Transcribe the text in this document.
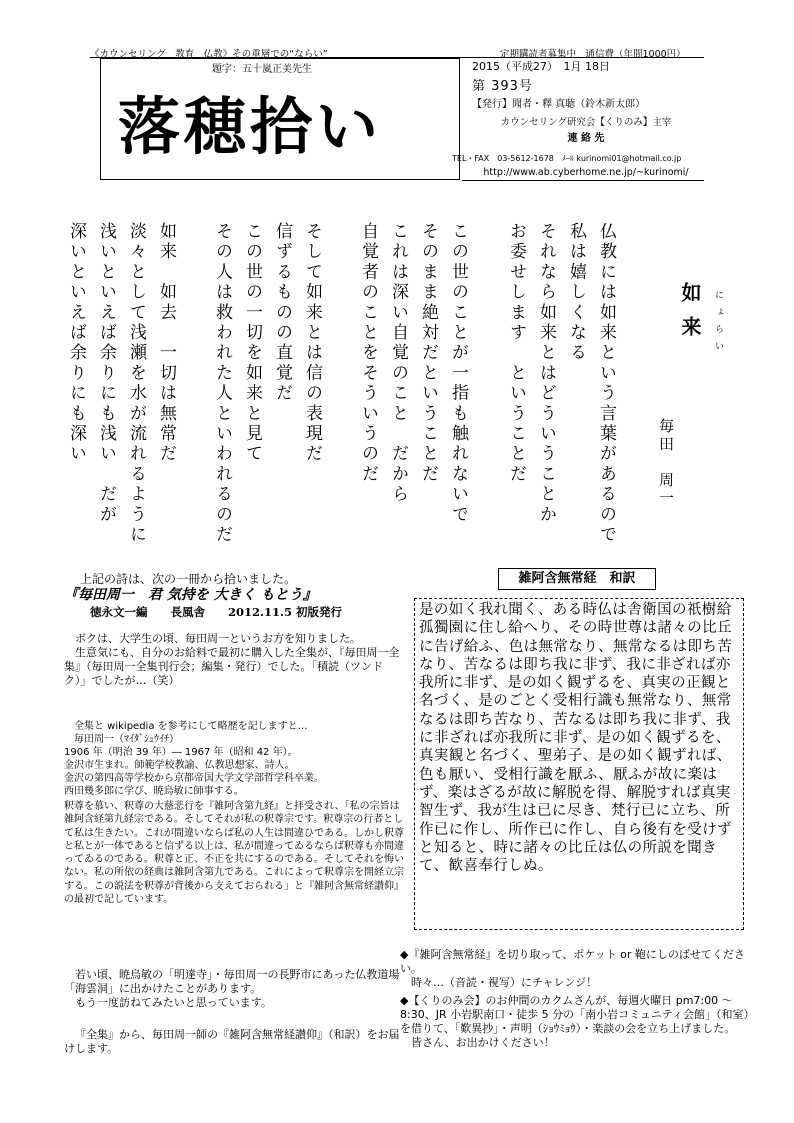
《カウンセリング　教育　仏教》その重層での“ならい”	定期購読者募集中　通信費（年間1000円）
題字：五十嵐正美先生
落穂拾い
2015（平成27）　1月 18日
第 393号
【発行】聞者・釋 真聴（鈴木新太郎）
カウンセリング研究会【くりのみ】主宰
連 絡 先
TEL・FAX　03-5612-1678　ﾒｰﾙ kurinomi01@hotmail.co.jp
http://www.ab.cyberhome.ne.jp/~kurinomi/
如来	にょらい
毎田　周一
仏教には如来という言葉があるので
私は嬉しくなる
それなら如来とはどういうことか
お委せします　ということだ
この世のことが一指も触れないで
そのまま絶対だということだ
これは深い自覚のこと　だから
自覚者のことをそういうのだ
そして如来とは信の表現だ
信ずるものの直覚だ
この世の一切を如来と見て
その人は救われた人といわれるのだ
如来　如去　一切は無常だ
淡々として浅瀬を水が流れるように
浅いといえば余りにも浅い　だが
深いといえば余りにも深い
上記の詩は、次の一冊から拾いました。
『毎田周一　君 気持を 大きく もとう』
徳永文一編　　長風舎　　2012.11.5 初版発行

ボクは、大学生の頃、毎田周一というお方を知りました。

生意気にも、自分のお給料で最初に購入した全集が、『毎田周一全集』（毎田周一全集刊行会；編集・発行）でした。「積読（ツンドク）」でしたが…（笑）

全集と wikipedia を参考にして略歴を記しますと…

毎田周一（ﾏｲﾀﾞｼｭｳｲﾁ）

1906 年（明治 39 年）― 1967 年（昭和 42 年）。

金沢市生まれ。師範学校教諭、仏教思想家、詩人。

金沢の第四高等学校から京都帝国大学文学部哲学科卒業。

西田幾多郎に学び、暁烏敏に師事する。

釈尊を慕い、釈尊の大慈悲行を『雑阿含第九経』と拝受され、「私の宗旨は雑阿含経第九経宗である。そしてそれが私の釈尊宗です。釈尊宗の行者として私は生きたい。これが間違いならば私の人生は間違ひである。しかし釈尊と私とが一体であると信ずる以上は、私が間違ってゐるならば釈尊も亦間違ってゐるのである。釈尊と正、不正を共にするのである。そしてそれを悔いない。私の所依の経典は雑阿含第九である。これによって釈尊宗を開経立宗する。この説法を釈尊が背後から支えておられる」と『雑阿含無常経讃仰』の最初で記しています。

若い頃、暁烏敏の「明達寺」・毎田周一の長野市にあった仏教道場「海雲洞」に出かけたことがあります。

もう一度訪ねてみたいと思っています。

『全集』から、毎田周一師の『雑阿含無常経讃仰』（和訳）をお届けします。

雑阿含無常経　和訳
是の如く我れ聞く、ある時仏は舎衛国の祇樹給孤獨園に住し給へり、その時世尊は諸々の比丘に告げ給ふ、色は無常なり、無常なるは即ち苦なり、苦なるは即ち我に非ず、我に非ざれば亦我所に非ず、是の如く観ずるを、真実の正観と名づく、是のごとく受相行識も無常なり、無常なるは即ち苦なり、苦なるは即ち我に非ず、我に非ざれば亦我所に非ず、是の如く観ずるを、真実観と名づく、聖弟子、是の如く観ずれば、色も厭い、受相行識を厭ふ、厭ふが故に楽はず、楽はざるが故に解脱を得、解脱すれば真実智生ず、我が生は已に尽き、梵行已に立ち、所作已に作し、所作已に作し、自ら後有を受けずと知ると、時に諸々の比丘は仏の所説を聞きて、歓喜奉行しぬ。

◆『雑阿含無常経』を切り取って、ポケット or 鞄にしのばせてください。

時々…（音読・視写）にチャレンジ！

◆【くりのみ会】のお仲間のカクムさんが、毎週火曜日 pm7:00 ～ 8:30、JR 小岩駅南口・徒歩 5 分の「南小岩コミュニティ会館」（和室）を借りて、「歎異抄」・声明（ｼｮｳﾐｮｳ）・楽談の会を立ち上げました。

皆さん、お出かけください！
